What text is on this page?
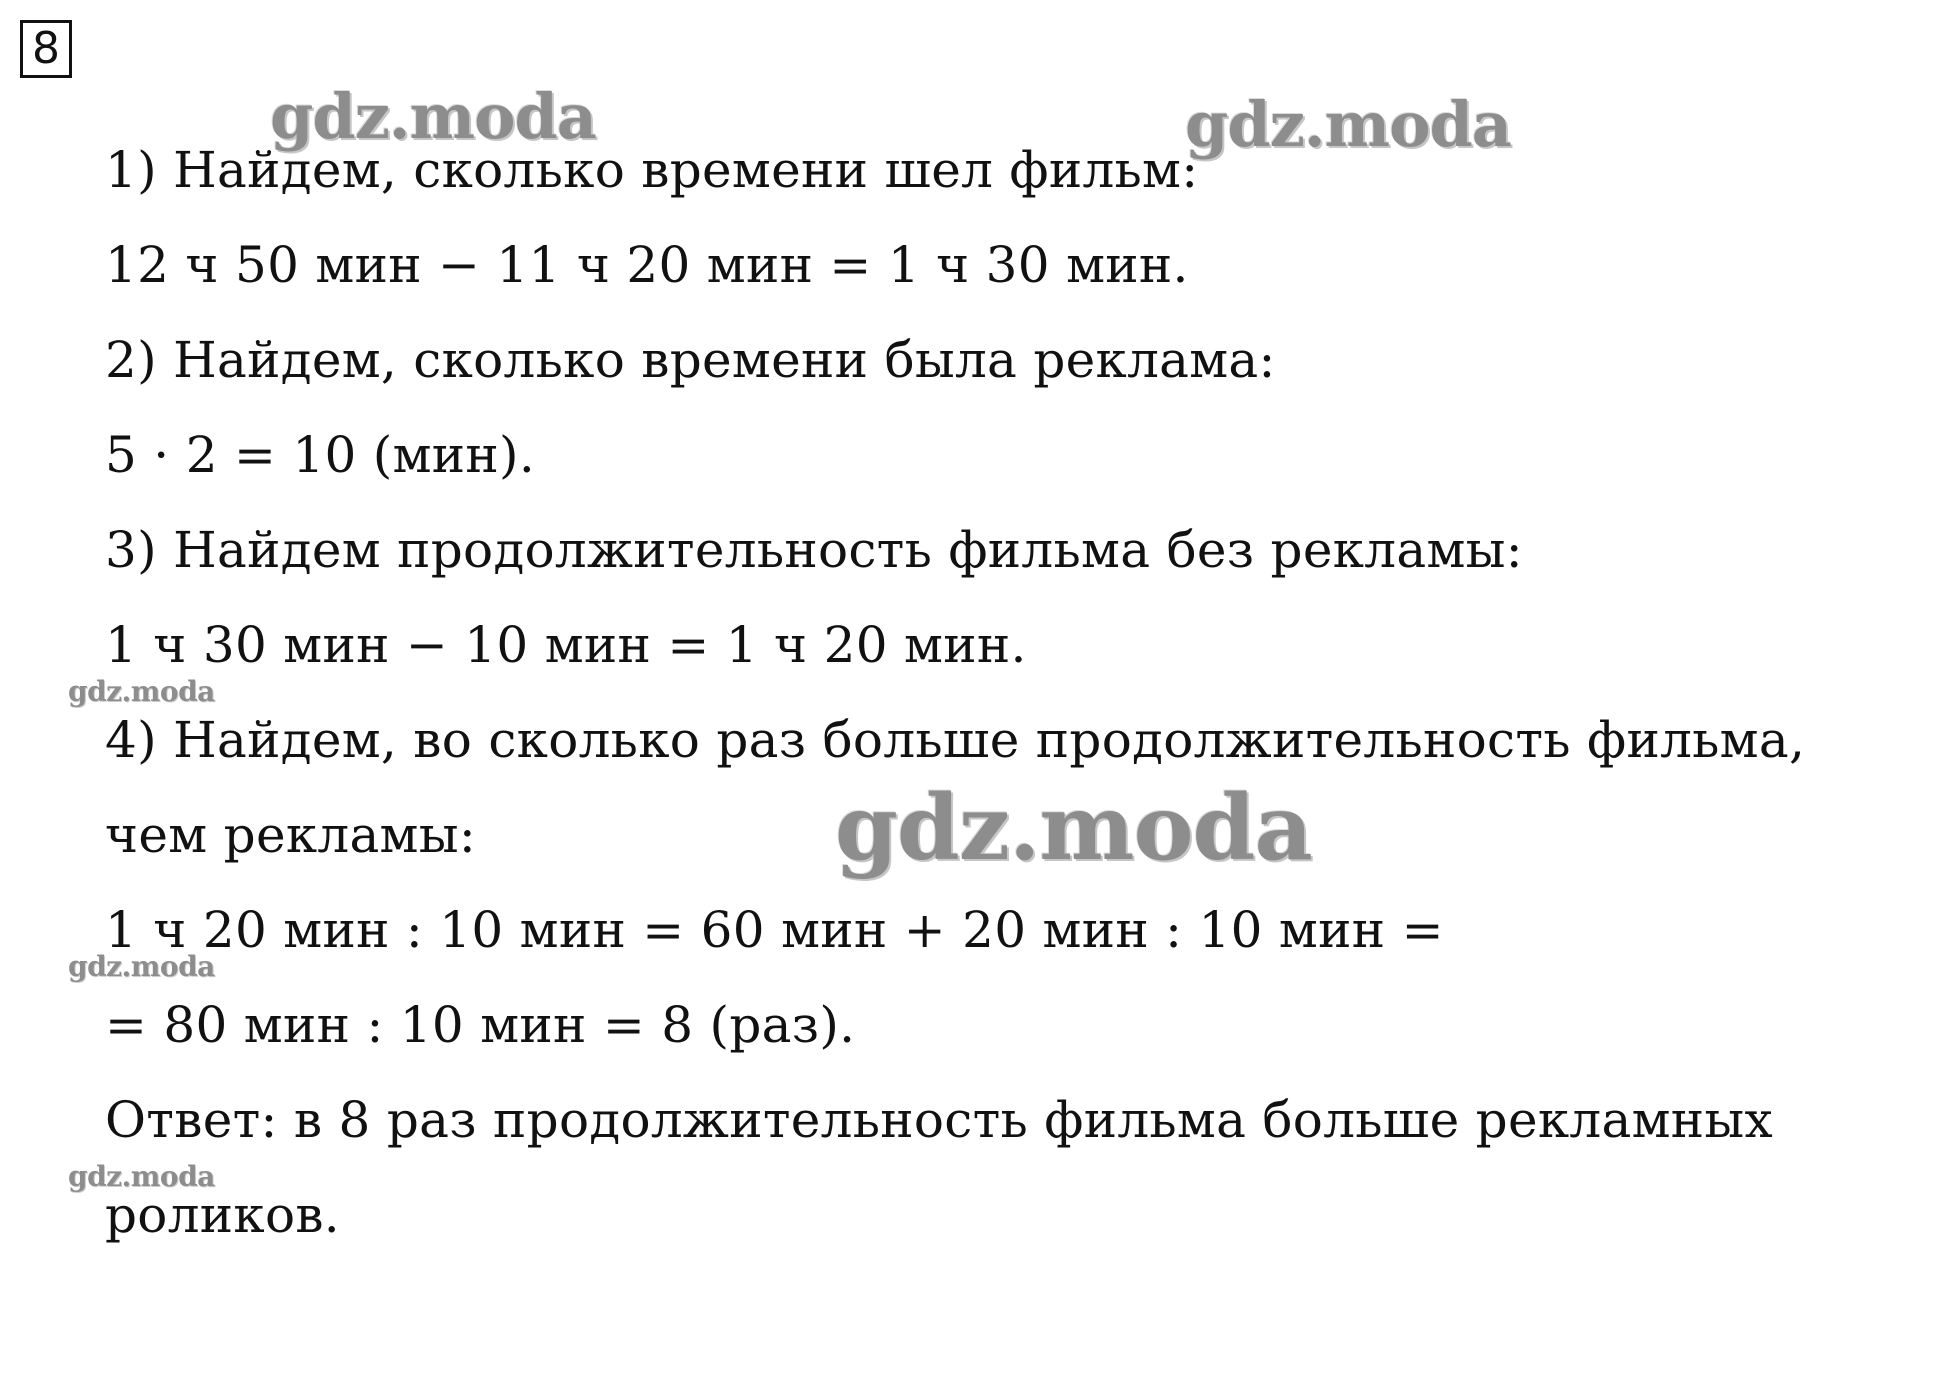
8
1) Найдем, сколько времени шел фильм:
12 ч 50 мин − 11 ч 20 мин = 1 ч 30 мин.
2) Найдем, сколько времени была реклама:
5 · 2 = 10 (мин).
3) Найдем продолжительность фильма без рекламы:
1 ч 30 мин − 10 мин = 1 ч 20 мин.
4) Найдем, во сколько раз больше продолжительность фильма,
чем рекламы:
1 ч 20 мин : 10 мин = 60 мин + 20 мин : 10 мин =
= 80 мин : 10 мин = 8 (раз).
Ответ: в 8 раз продолжительность фильма больше рекламных
роликов.
gdz.moda	gdz.moda
gdz.moda
gdz.moda
gdz.moda
gdz.moda
